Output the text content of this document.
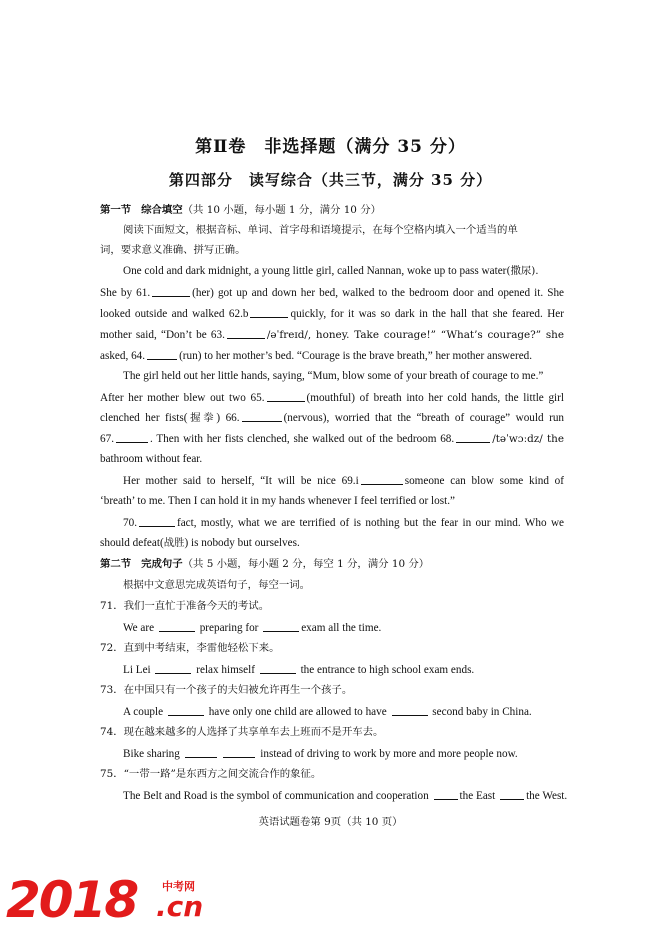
第Ⅱ卷　非选择题（满分 35 分）
第四部分　读写综合（共三节，满分 35 分）
第一节 综合填空（共 10 小题，每小题 1 分，满分 10 分）
阅读下面短文，根据音标、单词、首字母和语境提示，在每个空格内填入一个适当的单
词，要求意义准确、拼写正确。
One cold and dark midnight, a young little girl, called Nannan, woke up to pass water(撒尿).
She by 61.	(her) got up and down her bed, walked to the bedroom door and opened it. She
looked outside and walked 62.b	quickly, for it was so dark in the hall that she feared. Her
mother said, “Don’t be 63.	/əˈfreɪd/, honey. Take courage!” “What’s courage?” she
asked, 64.	(run) to her mother’s bed. “Courage is the brave breath,” her mother answered.
The girl held out her little hands, saying, “Mum, blow some of your breath of courage to me.”
After her mother blew out two 65.	(mouthful) of breath into her cold hands, the little girl
clenched her fists(握拳) 66.	(nervous), worried that the “breath of courage” would run
67.	. Then with her fists clenched, she walked out of the bedroom 68.	/təˈwɔːdz/ the
bathroom without fear.
Her mother said to herself, “It will be nice 69.i	someone can blow some kind of
‘breath’ to me. Then I can hold it in my hands whenever I feel terrified or lost.”
70.	fact, mostly, what we are terrified of is nothing but the fear in our mind. Who we
should defeat(战胜) is nobody but ourselves.
第二节 完成句子（共 5 小题，每小题 2 分，每空 1 分，满分 10 分）
根据中文意思完成英语句子，每空一词。
71．我们一直忙于准备今天的考试。
We are	preparing for	exam all the time.
72．直到中考结束，李雷他轻松下来。
Li Lei	relax himself	the entrance to high school exam ends.
73．在中国只有一个孩子的夫妇被允许再生一个孩子。
A couple	have only one child are allowed to have	second baby in China.
74．现在越来越多的人选择了共享单车去上班而不是开车去。
Bike sharing	instead of driving to work by more and more people now.
75．“一带一路”是东西方之间交流合作的象征。
The Belt and Road is the symbol of communication and cooperation	the East	the West.
英语试题卷第 9页（共 10 页）
2018 中考网
.cn
